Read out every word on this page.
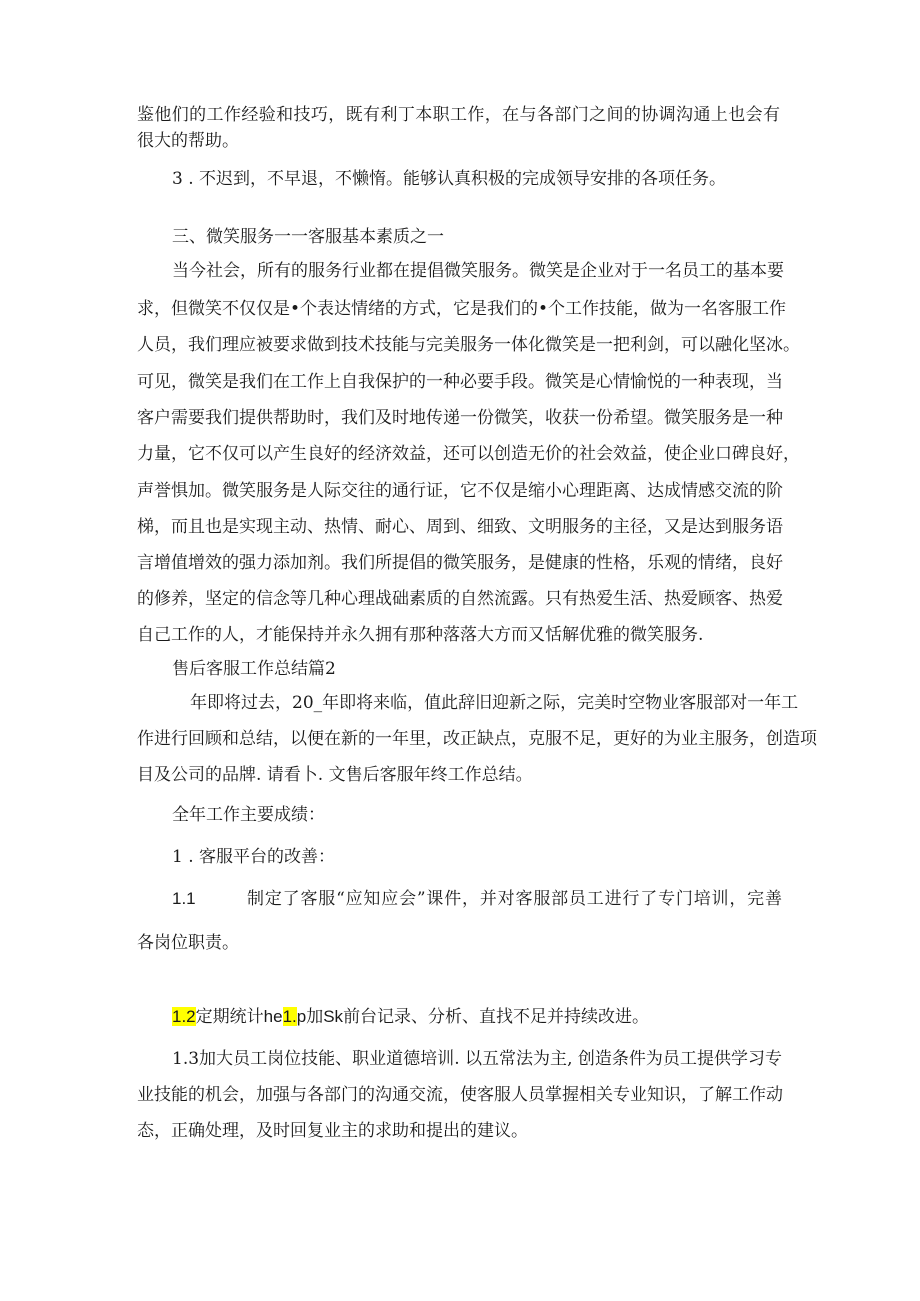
鉴他们的工作经验和技巧，既有利丁本职工作，在与各部门之间的协调沟通上也会有
很大的帮助。
3 . 不迟到，不早退，不懒惰。能够认真积极的完成领导安排的各项任务。
三、微笑服务一一客服基本素质之一
当今社会，所有的服务行业都在提倡微笑服务。微笑是企业对于一名员工的基本要
求，但微笑不仅仅是•个表达情绪的方式，它是我们的•个工作技能，做为一名客服工作
人员，我们理应被要求做到技术技能与完美服务一体化微笑是一把利剑，可以融化坚冰。
可见，微笑是我们在工作上自我保护的一种必要手段。微笑是心情愉悦的一种表现，当
客户需要我们提供帮助时，我们及时地传递一份微笑，收获一份希望。微笑服务是一种
力量，它不仅可以产生良好的经济效益，还可以创造无价的社会效益，使企业口碑良好，
声誉惧加。微笑服务是人际交往的通行证，它不仅是缩小心理距离、达成情感交流的阶
梯，而且也是实现主动、热情、耐心、周到、细致、文明服务的主径，又是达到服务语
言增值增效的强力添加剂。我们所提倡的微笑服务，是健康的性格，乐观的情绪，良好
的修养，坚定的信念等几种心理战础素质的自然流露。只有热爱生活、热爱顾客、热爱
自己工作的人，才能保持并永久拥有那种落落大方而又恬解优雅的微笑服务.
售后客服工作总结篇2
年即将过去，20_年即将来临，值此辞旧迎新之际，完美时空物业客服部对一年工
作进行回顾和总结，以便在新的一年里，改正缺点，克服不足，更好的为业主服务，创造项
目及公司的品牌. 请看卜. 文售后客服年终工作总结。
全年工作主要成绩：
1 . 客服平台的改善：
1.1	制定了客服“应知应会”课件，并对客服部员工进行了专门培训，完善
各岗位职责。
1.2定期统计he1.p加Sk前台记录、分析、直找不足并持续改进。
1.3加大员工岗位技能、职业道德培训. 以五常法为主, 创造条件为员工提供学习专
业技能的机会，加强与各部门的沟通交流，使客服人员掌握相关专业知识，了解工作动
态，正确处理，及时回复业主的求助和提出的建议。
